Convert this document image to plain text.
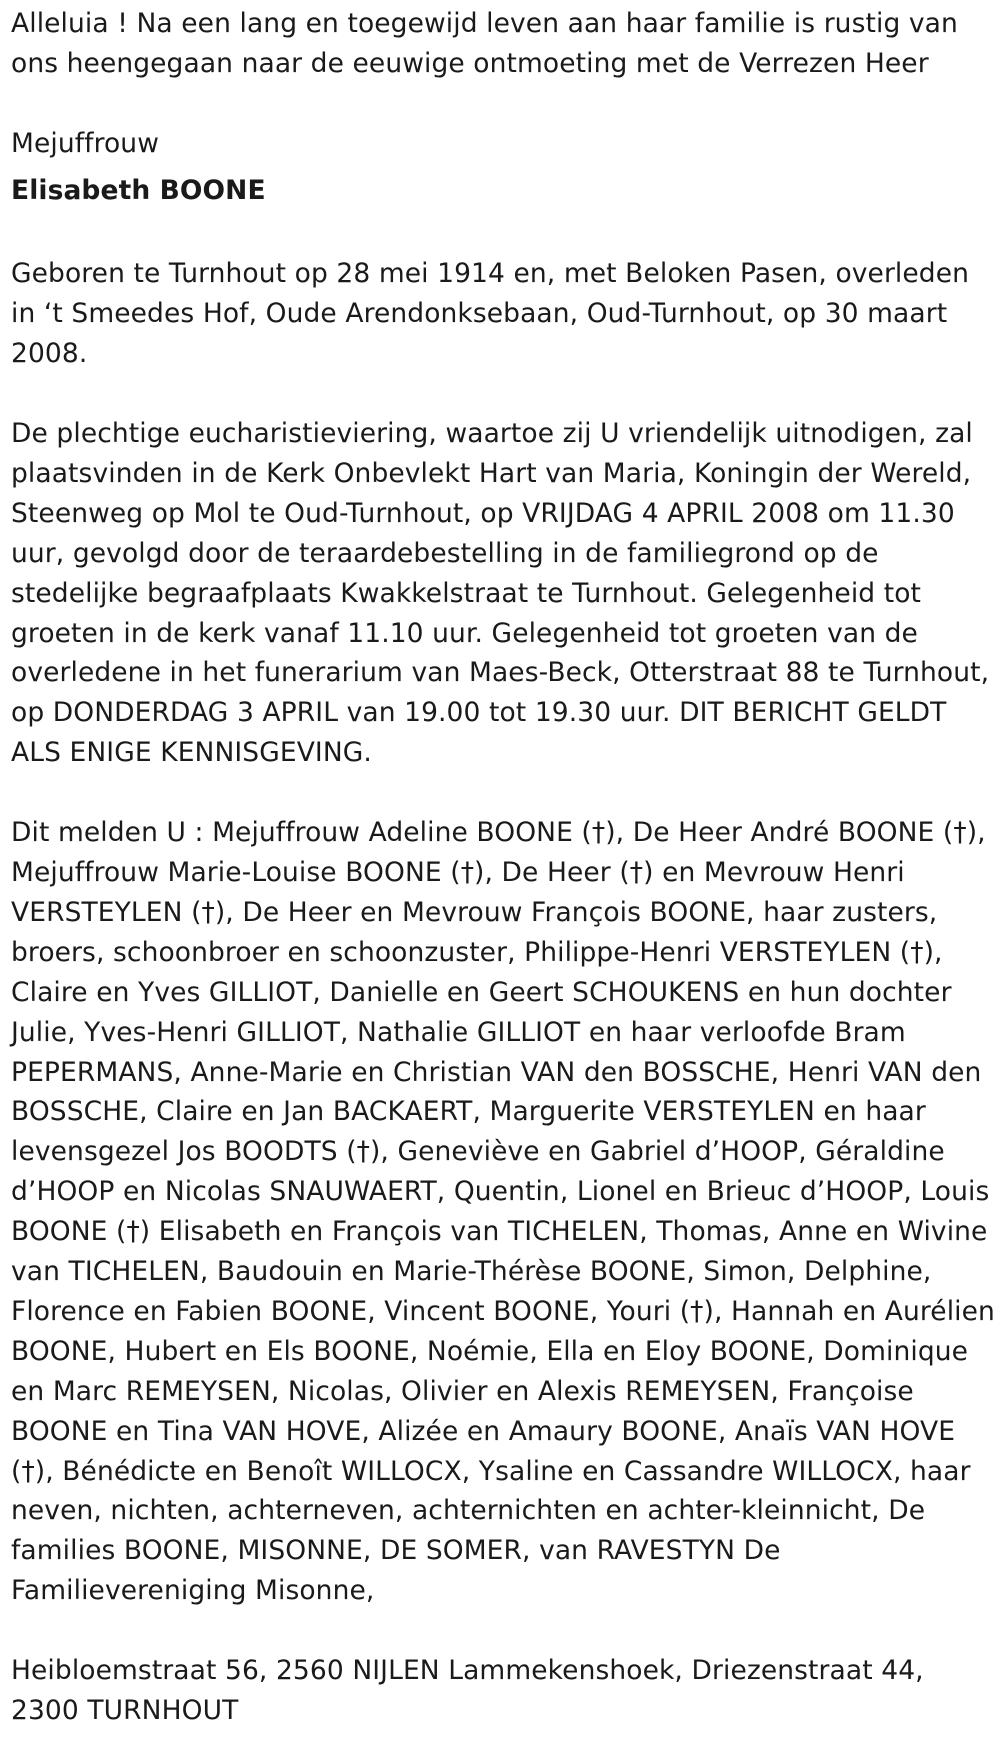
Alleluia ! Na een lang en toegewijd leven aan haar familie is rustig van ons heengegaan naar de eeuwige ontmoeting met de Verrezen Heer

Mejuffrouw

Elisabeth BOONE

Geboren te Turnhout op 28 mei 1914 en, met Beloken Pasen, overleden in ‘t Smeedes Hof, Oude Arendonksebaan, Oud-Turnhout, op 30 maart 2008.

De plechtige eucharistieviering, waartoe zij U vriendelijk uitnodigen, zal plaatsvinden in de Kerk Onbevlekt Hart van Maria, Koningin der Wereld, Steenweg op Mol te Oud-Turnhout, op VRIJDAG 4 APRIL 2008 om 11.30 uur, gevolgd door de teraardebestelling in de familiegrond op de stedelijke begraafplaats Kwakkelstraat te Turnhout. Gelegenheid tot groeten in de kerk vanaf 11.10 uur. Gelegenheid tot groeten van de overledene in het funerarium van Maes-Beck, Otterstraat 88 te Turnhout, op DONDERDAG 3 APRIL van 19.00 tot 19.30 uur. DIT BERICHT GELDT ALS ENIGE KENNISGEVING.

Dit melden U : Mejuffrouw Adeline BOONE (†), De Heer André BOONE (†), Mejuffrouw Marie-Louise BOONE (†), De Heer (†) en Mevrouw Henri VERSTEYLEN (†), De Heer en Mevrouw François BOONE, haar zusters, broers, schoonbroer en schoonzuster, Philippe-Henri VERSTEYLEN (†), Claire en Yves GILLIOT, Danielle en Geert SCHOUKENS en hun dochter Julie, Yves-Henri GILLIOT, Nathalie GILLIOT en haar verloofde Bram PEPERMANS, Anne-Marie en Christian VAN den BOSSCHE, Henri VAN den BOSSCHE, Claire en Jan BACKAERT, Marguerite VERSTEYLEN en haar levensgezel Jos BOODTS (†), Geneviève en Gabriel d’HOOP, Géraldine d’HOOP en Nicolas SNAUWAERT, Quentin, Lionel en Brieuc d’HOOP, Louis BOONE (†) Elisabeth en François van TICHELEN, Thomas, Anne en Wivine van TICHELEN, Baudouin en Marie-Thérèse BOONE, Simon, Delphine, Florence en Fabien BOONE, Vincent BOONE, Youri (†), Hannah en Aurélien BOONE, Hubert en Els BOONE, Noémie, Ella en Eloy BOONE, Dominique en Marc REMEYSEN, Nicolas, Olivier en Alexis REMEYSEN, Françoise BOONE en Tina VAN HOVE, Alizée en Amaury BOONE, Anaïs VAN HOVE (†), Bénédicte en Benoît WILLOCX, Ysaline en Cassandre WILLOCX, haar neven, nichten, achterneven, achternichten en achter-kleinnicht, De families BOONE, MISONNE, DE SOMER, van RAVESTYN De Familievereniging Misonne,

Heibloemstraat 56, 2560 NIJLEN Lammekenshoek, Driezenstraat 44, 2300 TURNHOUT
